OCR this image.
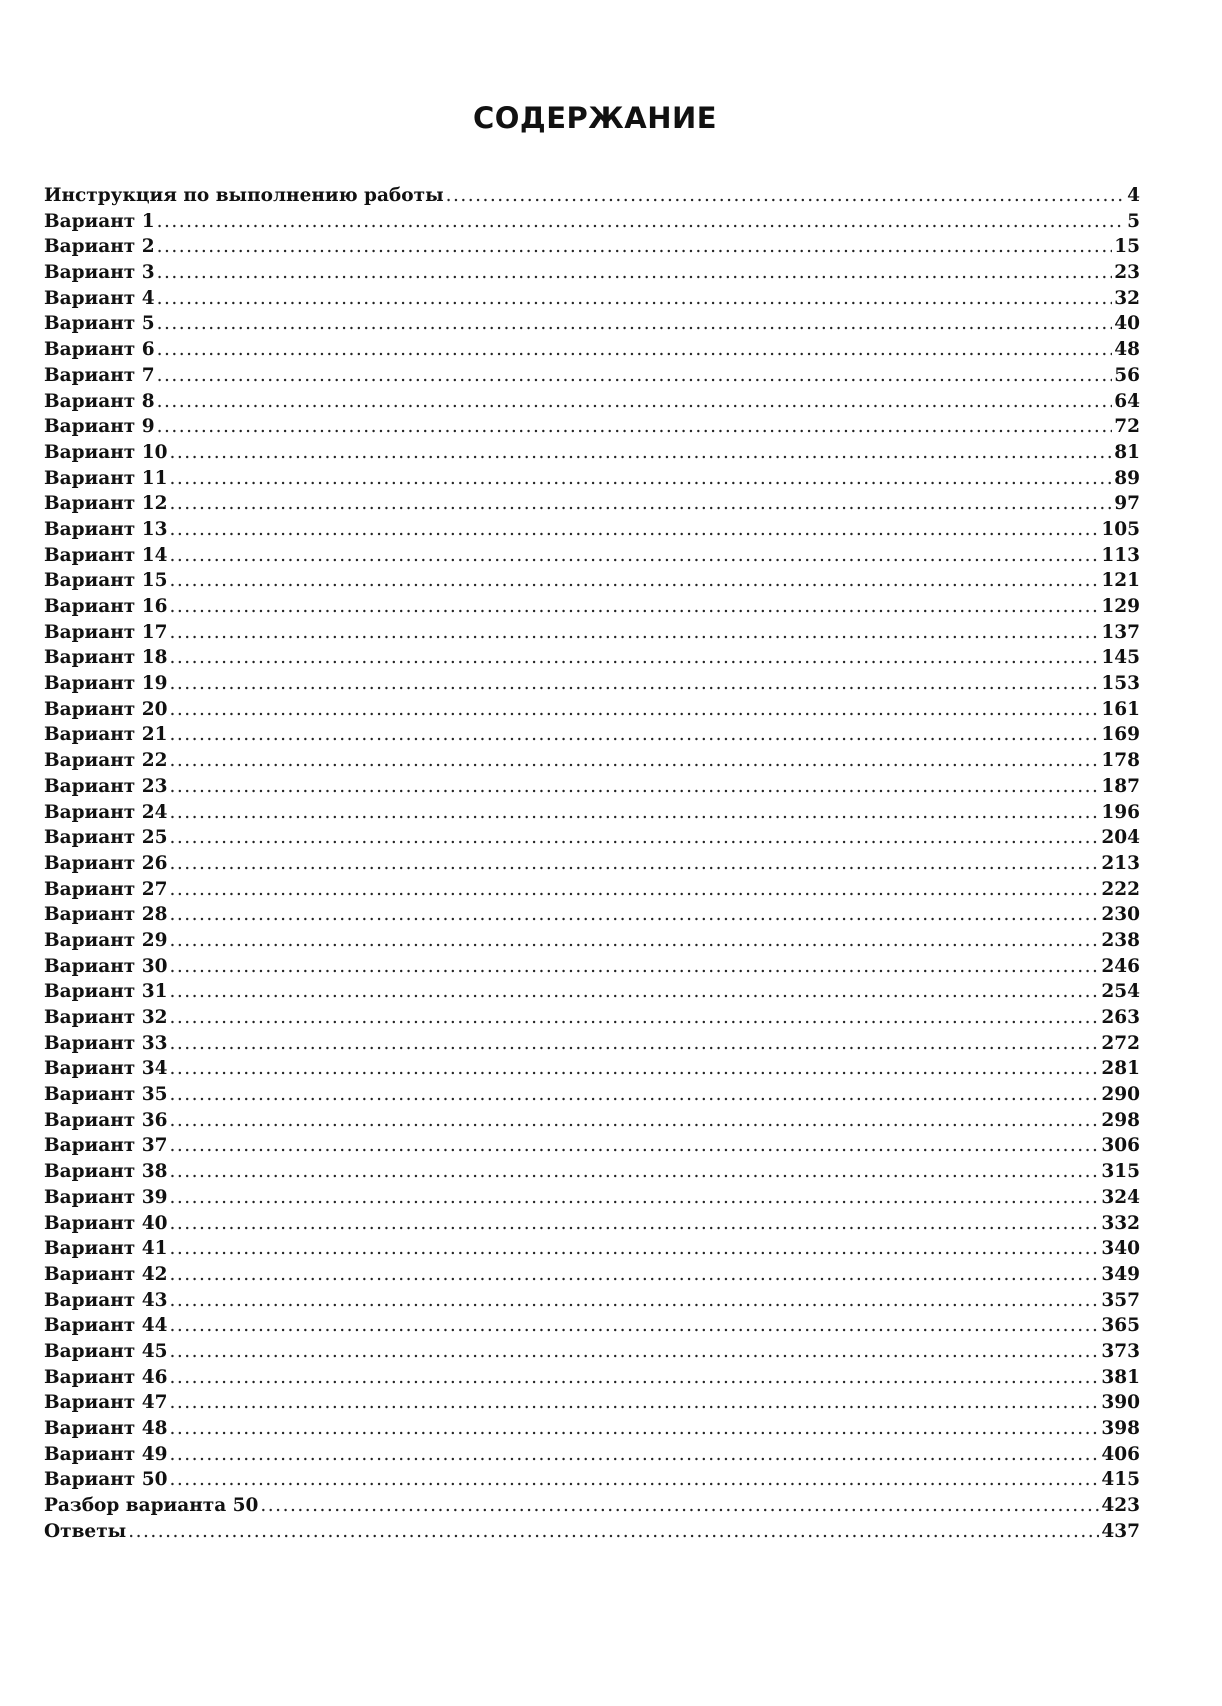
СОДЕРЖАНИЕ
Инструкция по выполнению работы .....	4
Вариант 1 .....	5
Вариант 2 .....	15
Вариант 3 .....	23
Вариант 4 .....	32
Вариант 5 .....	40
Вариант 6 .....	48
Вариант 7 .....	56
Вариант 8 .....	64
Вариант 9 .....	72
Вариант 10 .....	81
Вариант 11 .....	89
Вариант 12 .....	97
Вариант 13 .....	105
Вариант 14 .....	113
Вариант 15 .....	121
Вариант 16 .....	129
Вариант 17 .....	137
Вариант 18 .....	145
Вариант 19 .....	153
Вариант 20 .....	161
Вариант 21 .....	169
Вариант 22 .....	178
Вариант 23 .....	187
Вариант 24 .....	196
Вариант 25 .....	204
Вариант 26 .....	213
Вариант 27 .....	222
Вариант 28 .....	230
Вариант 29 .....	238
Вариант 30 .....	246
Вариант 31 .....	254
Вариант 32 .....	263
Вариант 33 .....	272
Вариант 34 .....	281
Вариант 35 .....	290
Вариант 36 .....	298
Вариант 37 .....	306
Вариант 38 .....	315
Вариант 39 .....	324
Вариант 40 .....	332
Вариант 41 .....	340
Вариант 42 .....	349
Вариант 43 .....	357
Вариант 44 .....	365
Вариант 45 .....	373
Вариант 46 .....	381
Вариант 47 .....	390
Вариант 48 .....	398
Вариант 49 .....	406
Вариант 50 .....	415
Разбор варианта 50 .....	423
Ответы .....	437
